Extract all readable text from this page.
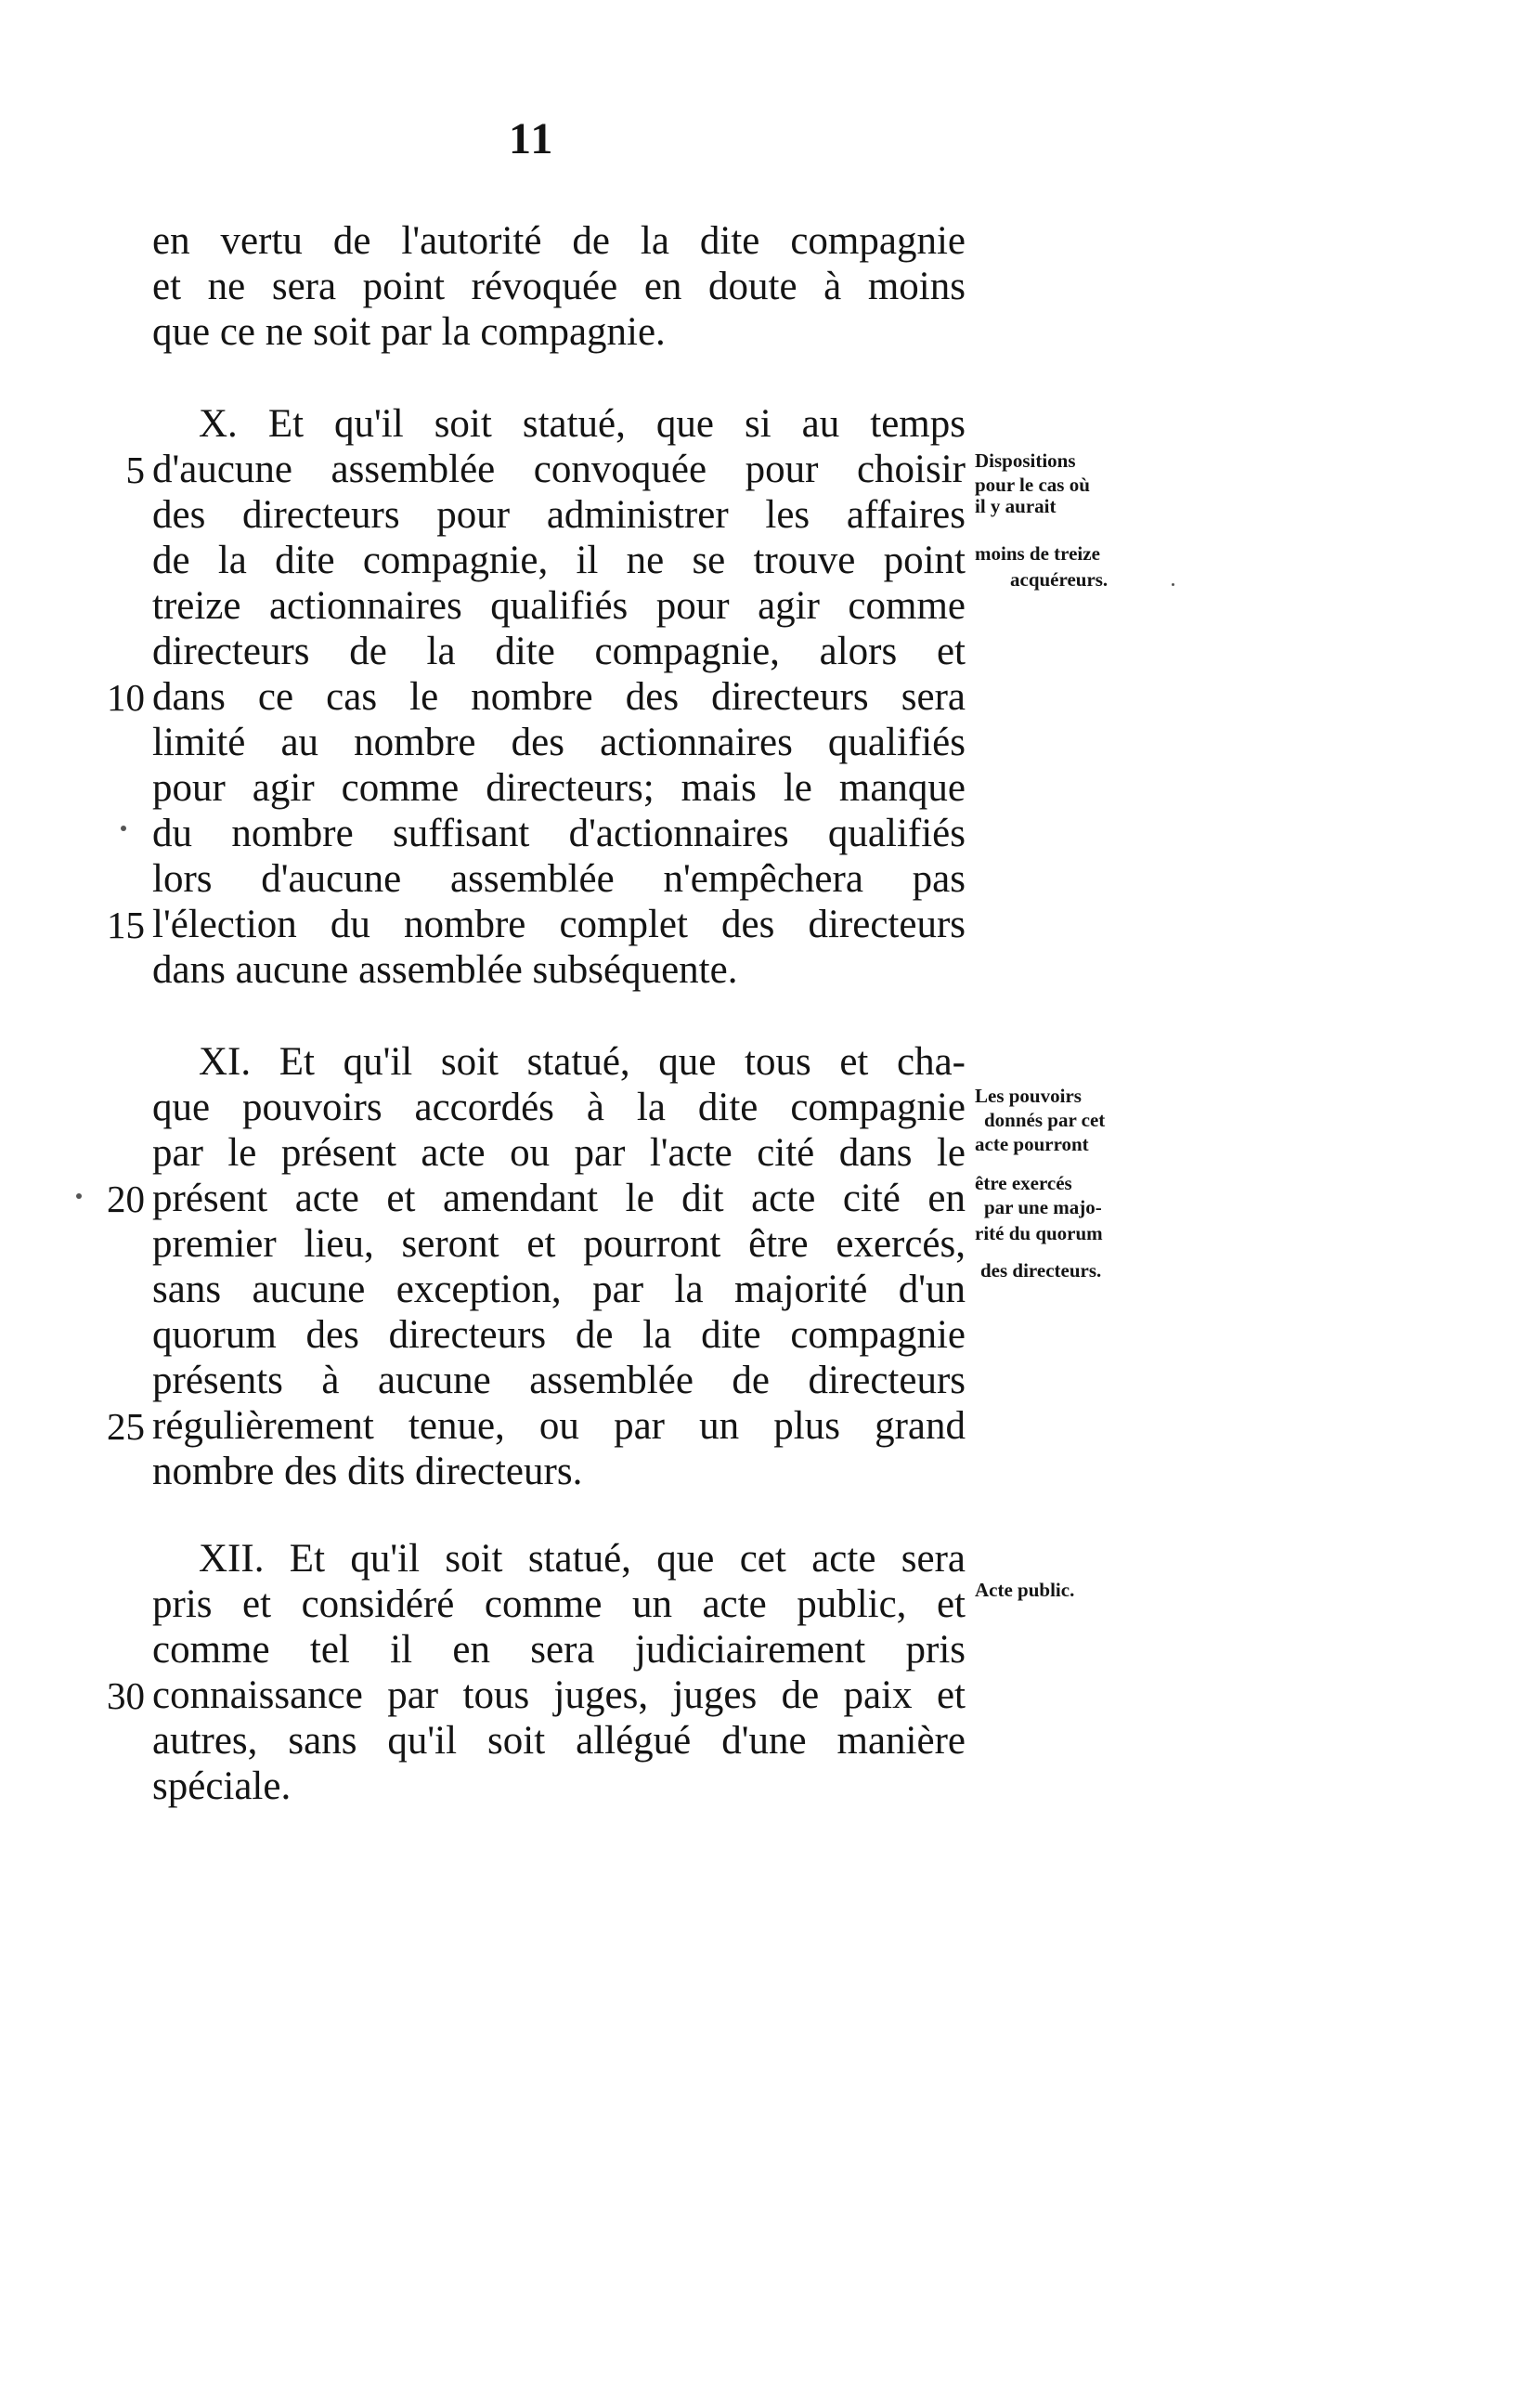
11
en vertu de l'autorité de la dite compagnie
et ne sera point révoquée en doute à moins
que ce ne soit par la compagnie.
X. Et qu'il soit statué, que si au temps
d'aucune assemblée convoquée pour choisir
des directeurs pour administrer les affaires
de la dite compagnie, il ne se trouve point
treize actionnaires qualifiés pour agir comme
directeurs de la dite compagnie, alors et
dans ce cas le nombre des directeurs sera
limité au nombre des actionnaires qualifiés
pour agir comme directeurs; mais le manque
du nombre suffisant d'actionnaires qualifiés
lors d'aucune assemblée n'empêchera pas
l'élection du nombre complet des directeurs
dans aucune assemblée subséquente.
Dispositions
pour le cas où
il y aurait
moins de treize
acquéreurs.
XI. Et qu'il soit statué, que tous et cha-
que pouvoirs accordés à la dite compagnie
par le présent acte ou par l'acte cité dans le
présent acte et amendant le dit acte cité en
premier lieu, seront et pourront être exercés,
sans aucune exception, par la majorité d'un
quorum des directeurs de la dite compagnie
présents à aucune assemblée de directeurs
régulièrement tenue, ou par un plus grand
nombre des dits directeurs.
Les pouvoirs
donnés par cet
acte pourront
être exercés
par une majo-
rité du quorum
des directeurs.
XII. Et qu'il soit statué, que cet acte sera
pris et considéré comme un acte public, et
comme tel il en sera judiciairement pris
connaissance par tous juges, juges de paix et
autres, sans qu'il soit allégué d'une manière
spéciale.
Acte public.
5
10
15
20
25
30
